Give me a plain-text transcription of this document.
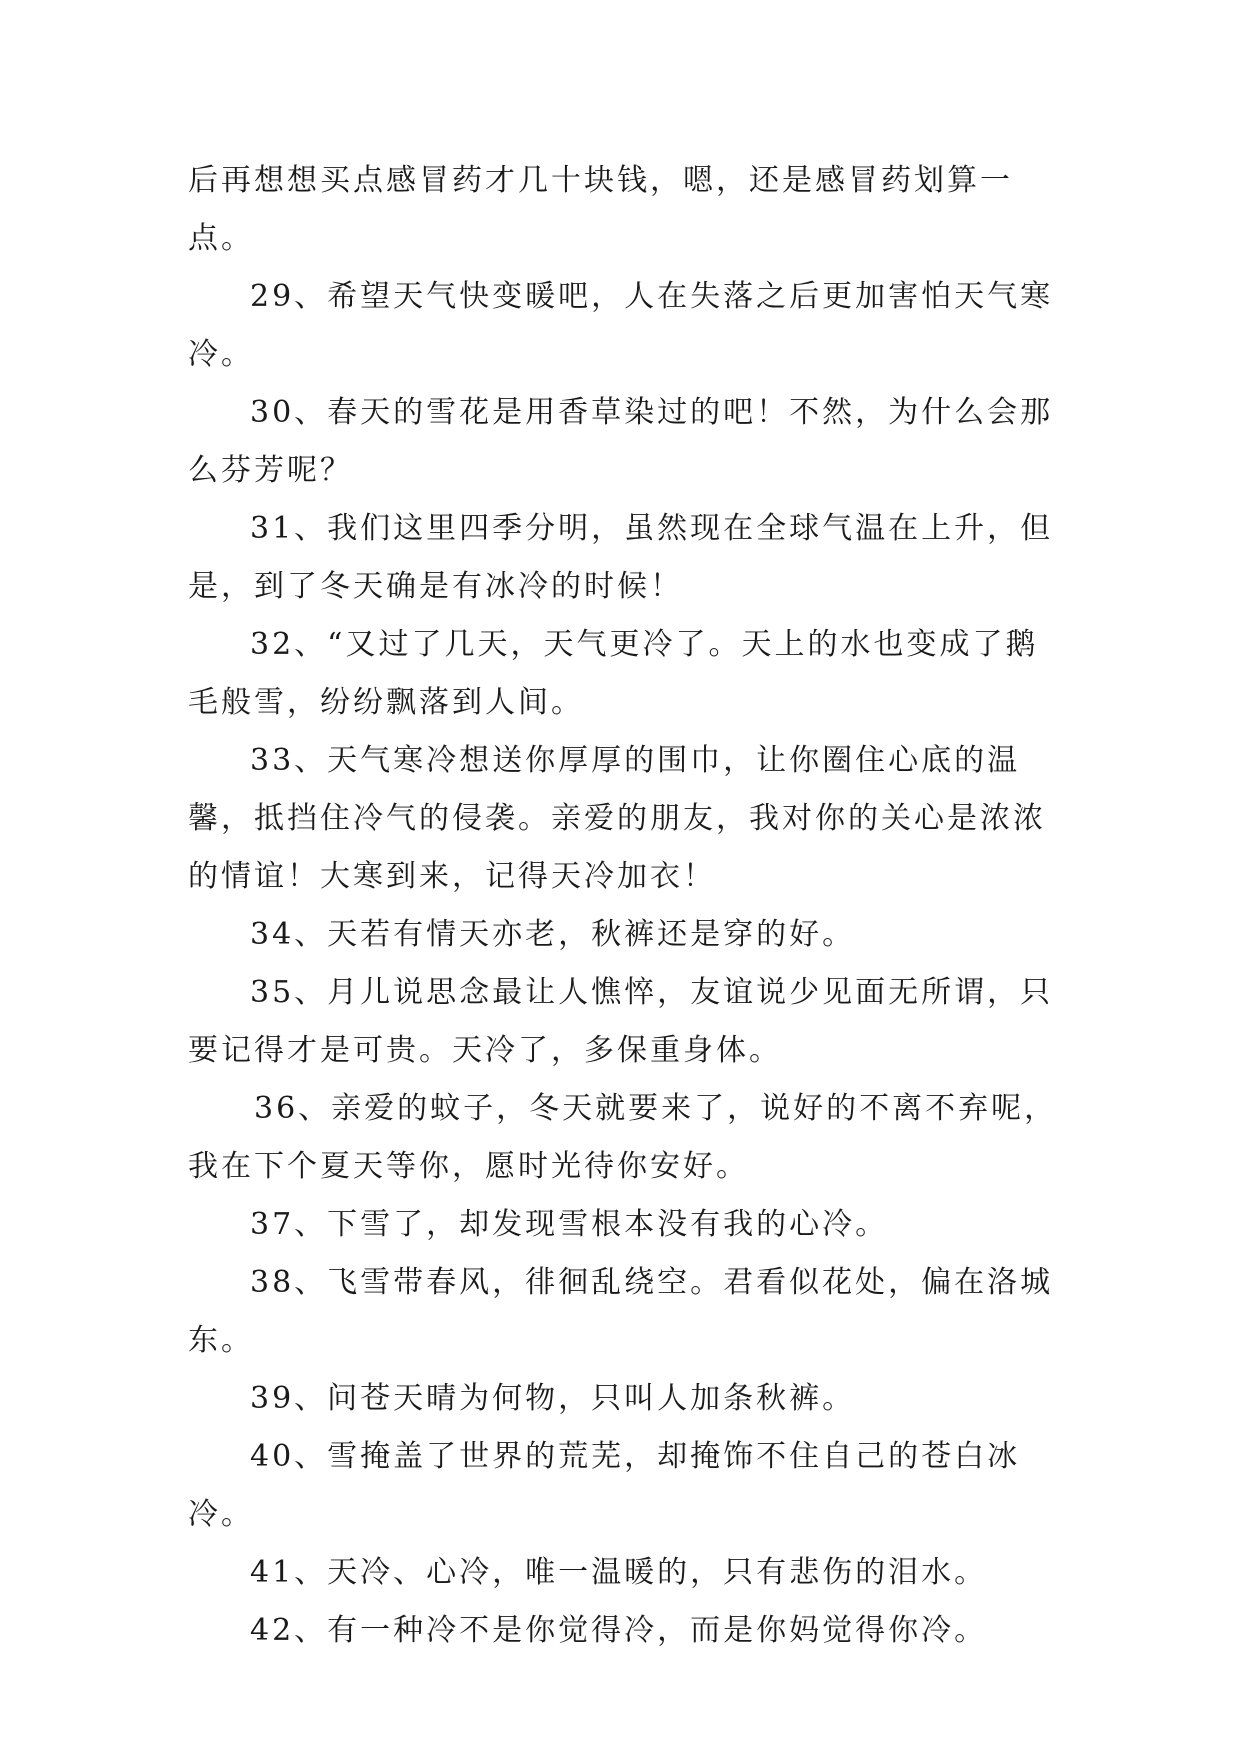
后再想想买点感冒药才几十块钱，嗯，还是感冒药划算一点。

29、希望天气快变暖吧，人在失落之后更加害怕天气寒冷。

30、春天的雪花是用香草染过的吧！不然，为什么会那么芬芳呢？

31、我们这里四季分明，虽然现在全球气温在上升，但是，到了冬天确是有冰冷的时候！

32、“又过了几天，天气更冷了。天上的水也变成了鹅毛般雪，纷纷飘落到人间。

33、天气寒冷想送你厚厚的围巾，让你圈住心底的温馨，抵挡住冷气的侵袭。亲爱的朋友，我对你的关心是浓浓的情谊！大寒到来，记得天冷加衣！

34、天若有情天亦老，秋裤还是穿的好。

35、月儿说思念最让人憔悴，友谊说少见面无所谓，只要记得才是可贵。天冷了，多保重身体。

36、亲爱的蚊子，冬天就要来了，说好的不离不弃呢，我在下个夏天等你，愿时光待你安好。

37、下雪了，却发现雪根本没有我的心冷。

38、飞雪带春风，徘徊乱绕空。君看似花处，偏在洛城东。

39、问苍天晴为何物，只叫人加条秋裤。

40、雪掩盖了世界的荒芜，却掩饰不住自己的苍白冰冷。

41、天冷、心冷，唯一温暖的，只有悲伤的泪水。

42、有一种冷不是你觉得冷，而是你妈觉得你冷。
